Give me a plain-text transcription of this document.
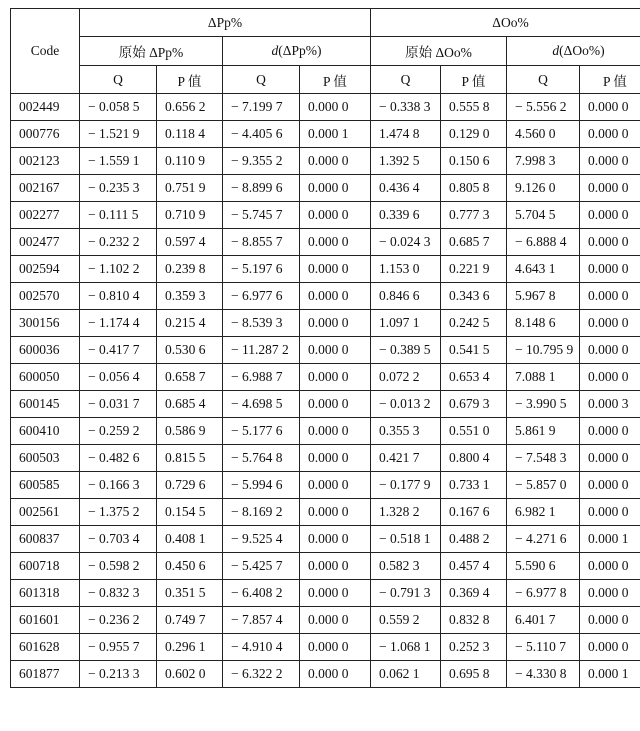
Code	ΔPp%				ΔOo%			
	原始 ΔPp%		d(ΔPp%)		原始 ΔOo%		d(ΔOo%)	
	Q	P 值	Q	P 值	Q	P 值	Q	P 值
002449	− 0.058 5	0.656 2	− 7.199 7	0.000 0	− 0.338 3	0.555 8	− 5.556 2	0.000 0
000776	− 1.521 9	0.118 4	− 4.405 6	0.000 1	1.474 8	0.129 0	4.560 0	0.000 0
002123	− 1.559 1	0.110 9	− 9.355 2	0.000 0	1.392 5	0.150 6	7.998 3	0.000 0
002167	− 0.235 3	0.751 9	− 8.899 6	0.000 0	0.436 4	0.805 8	9.126 0	0.000 0
002277	− 0.111 5	0.710 9	− 5.745 7	0.000 0	0.339 6	0.777 3	5.704 5	0.000 0
002477	− 0.232 2	0.597 4	− 8.855 7	0.000 0	− 0.024 3	0.685 7	− 6.888 4	0.000 0
002594	− 1.102 2	0.239 8	− 5.197 6	0.000 0	1.153 0	0.221 9	4.643 1	0.000 0
002570	− 0.810 4	0.359 3	− 6.977 6	0.000 0	0.846 6	0.343 6	5.967 8	0.000 0
300156	− 1.174 4	0.215 4	− 8.539 3	0.000 0	1.097 1	0.242 5	8.148 6	0.000 0
600036	− 0.417 7	0.530 6	− 11.287 2	0.000 0	− 0.389 5	0.541 5	− 10.795 9	0.000 0
600050	− 0.056 4	0.658 7	− 6.988 7	0.000 0	0.072 2	0.653 4	7.088 1	0.000 0
600145	− 0.031 7	0.685 4	− 4.698 5	0.000 0	− 0.013 2	0.679 3	− 3.990 5	0.000 3
600410	− 0.259 2	0.586 9	− 5.177 6	0.000 0	0.355 3	0.551 0	5.861 9	0.000 0
600503	− 0.482 6	0.815 5	− 5.764 8	0.000 0	0.421 7	0.800 4	− 7.548 3	0.000 0
600585	− 0.166 3	0.729 6	− 5.994 6	0.000 0	− 0.177 9	0.733 1	− 5.857 0	0.000 0
002561	− 1.375 2	0.154 5	− 8.169 2	0.000 0	1.328 2	0.167 6	6.982 1	0.000 0
600837	− 0.703 4	0.408 1	− 9.525 4	0.000 0	− 0.518 1	0.488 2	− 4.271 6	0.000 1
600718	− 0.598 2	0.450 6	− 5.425 7	0.000 0	0.582 3	0.457 4	5.590 6	0.000 0
601318	− 0.832 3	0.351 5	− 6.408 2	0.000 0	− 0.791 3	0.369 4	− 6.977 8	0.000 0
601601	− 0.236 2	0.749 7	− 7.857 4	0.000 0	0.559 2	0.832 8	6.401 7	0.000 0
601628	− 0.955 7	0.296 1	− 4.910 4	0.000 0	− 1.068 1	0.252 3	− 5.110 7	0.000 0
601877	− 0.213 3	0.602 0	− 6.322 2	0.000 0	0.062 1	0.695 8	− 4.330 8	0.000 1
